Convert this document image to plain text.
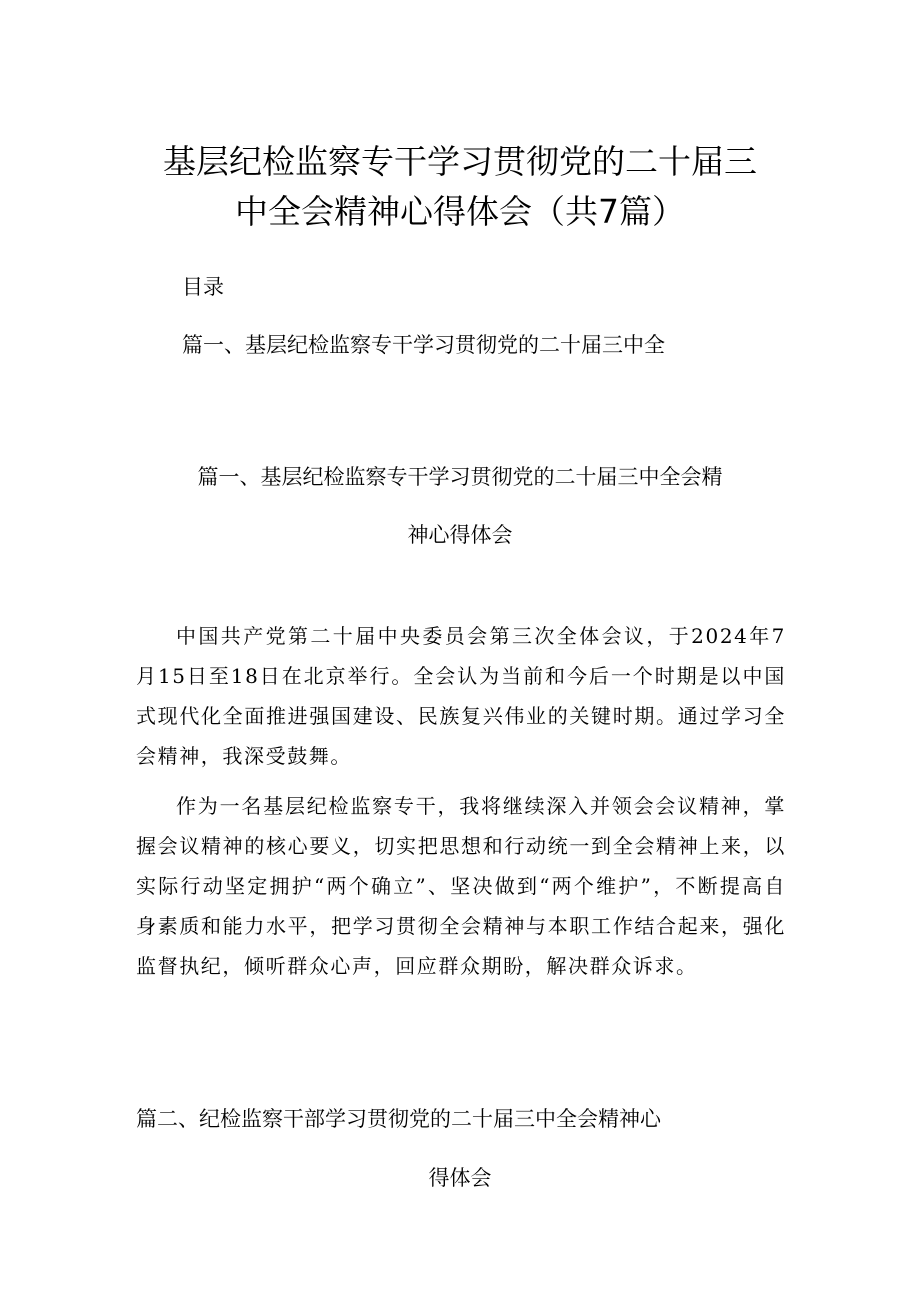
基层纪检监察专干学习贯彻党的二十届三
中全会精神心得体会（共7篇）
目录
篇一、基层纪检监察专干学习贯彻党的二十届三中全
篇一、基层纪检监察专干学习贯彻党的二十届三中全会精
神心得体会

中国共产党第二十届中央委员会第三次全体会议，于2024年7月15日至18日在北京举行。全会认为当前和今后一个时期是以中国式现代化全面推进强国建设、民族复兴伟业的关键时期。通过学习全会精神，我深受鼓舞。

作为一名基层纪检监察专干，我将继续深入并领会会议精神，掌握会议精神的核心要义，切实把思想和行动统一到全会精神上来，以实际行动坚定拥护“两个确立”、坚决做到“两个维护”，不断提高自身素质和能力水平，把学习贯彻全会精神与本职工作结合起来，强化监督执纪，倾听群众心声，回应群众期盼，解决群众诉求。

篇二、纪检监察干部学习贯彻党的二十届三中全会精神心
得体会
